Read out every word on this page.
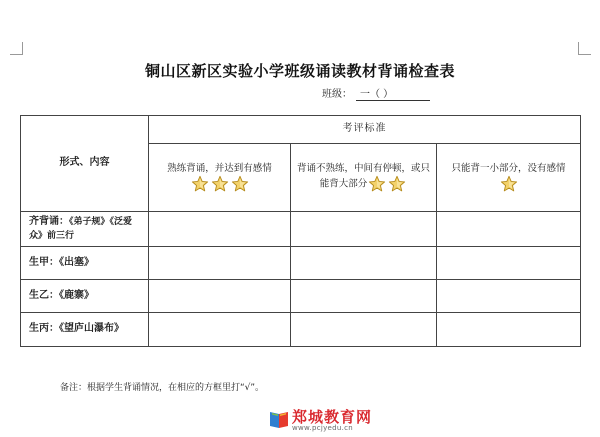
铜山区新区实验小学班级诵读教材背诵检查表
班级： 一（ ）
形式、内容	考评标准		
	熟练背诵，并达到有感情	背诵不熟练，中间有停顿，或只能背大部分	只能背一小部分，没有感情

齐背诵：《弟子规》《泛爱众》前三行			
生甲：《出塞》			
生乙：《鹿寨》			
生丙：《望庐山瀑布》			
备注：根据学生背诵情况，在相应的方框里打“√”。
郑城教育网
www.pcjyedu.cn
